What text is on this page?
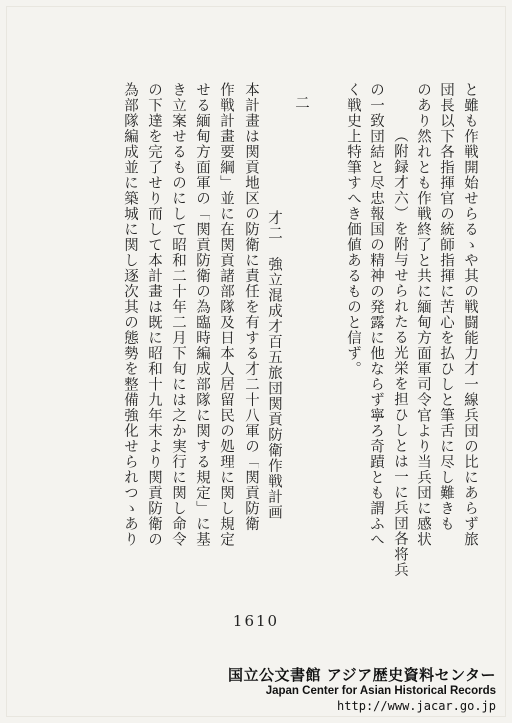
と雖も作戦開始せらるゝや其の戦闘能力才一線兵団の比にあらず旅
団長以下各指揮官の統師指揮に苦心を払ひしと筆舌に尽し難きも
のあり然れとも作戦終了と共に緬甸方面軍司令官より当兵団に感状
（附録才六）を附与せられたる光栄を担ひしとは一に兵団各将兵
の一致団結と尽忠報国の精神の発露に他ならず寧ろ奇蹟とも謂ふへ
く戦史上特筆すへき価値あるものと信ず。
二
才二　強立混成才百五旅団関貢防衛作戦計画
本計畫は関貢地区の防衛に責任を有する才二十八軍の「関貢防衛
作戦計畫要綱」並に在関貢諸部隊及日本人居留民の処理に関し規定
せる緬甸方面軍の「関貢防衛の為臨時編成部隊に関する規定」に基
き立案せるものにして昭和二十年二月下旬には之か実行に関し命令
の下達を完了せり而して本計畫は既に昭和十九年末より関貢防衛の
為部隊編成並に築城に関し逐次其の態勢を整備強化せられつゝあり
1610
国立公文書館 アジア歴史資料センター
Japan Center for Asian Historical Records
http://www.jacar.go.jp
